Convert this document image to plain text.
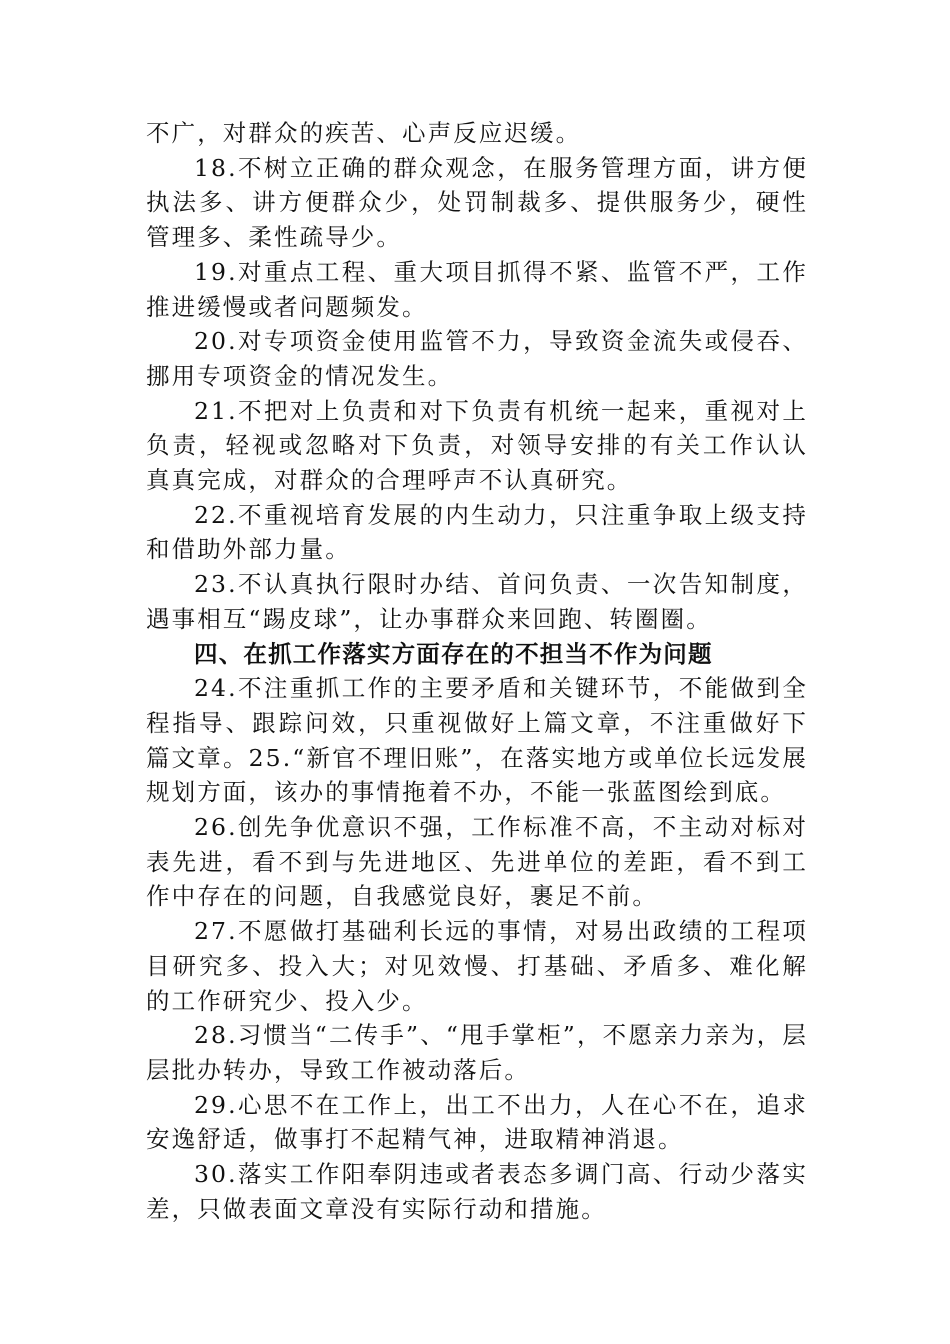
不广，对群众的疾苦、心声反应迟缓。

18.不树立正确的群众观念，在服务管理方面，讲方便执法多、讲方便群众少，处罚制裁多、提供服务少，硬性管理多、柔性疏导少。

19.对重点工程、重大项目抓得不紧、监管不严，工作推进缓慢或者问题频发。

20.对专项资金使用监管不力，导致资金流失或侵吞、挪用专项资金的情况发生。

21.不把对上负责和对下负责有机统一起来，重视对上负责，轻视或忽略对下负责，对领导安排的有关工作认认真真完成，对群众的合理呼声不认真研究。

22.不重视培育发展的内生动力，只注重争取上级支持和借助外部力量。

23.不认真执行限时办结、首问负责、一次告知制度，遇事相互“踢皮球”，让办事群众来回跑、转圈圈。

四、在抓工作落实方面存在的不担当不作为问题

24.不注重抓工作的主要矛盾和关键环节，不能做到全程指导、跟踪问效，只重视做好上篇文章，不注重做好下篇文章。25.“新官不理旧账”，在落实地方或单位长远发展规划方面，该办的事情拖着不办，不能一张蓝图绘到底。

26.创先争优意识不强，工作标准不高，不主动对标对表先进，看不到与先进地区、先进单位的差距，看不到工作中存在的问题，自我感觉良好，裹足不前。

27.不愿做打基础利长远的事情，对易出政绩的工程项目研究多、投入大；对见效慢、打基础、矛盾多、难化解的工作研究少、投入少。

28.习惯当“二传手”、“甩手掌柜”，不愿亲力亲为，层层批办转办，导致工作被动落后。

29.心思不在工作上，出工不出力，人在心不在，追求安逸舒适，做事打不起精气神，进取精神消退。

30.落实工作阳奉阴违或者表态多调门高、行动少落实差，只做表面文章没有实际行动和措施。
